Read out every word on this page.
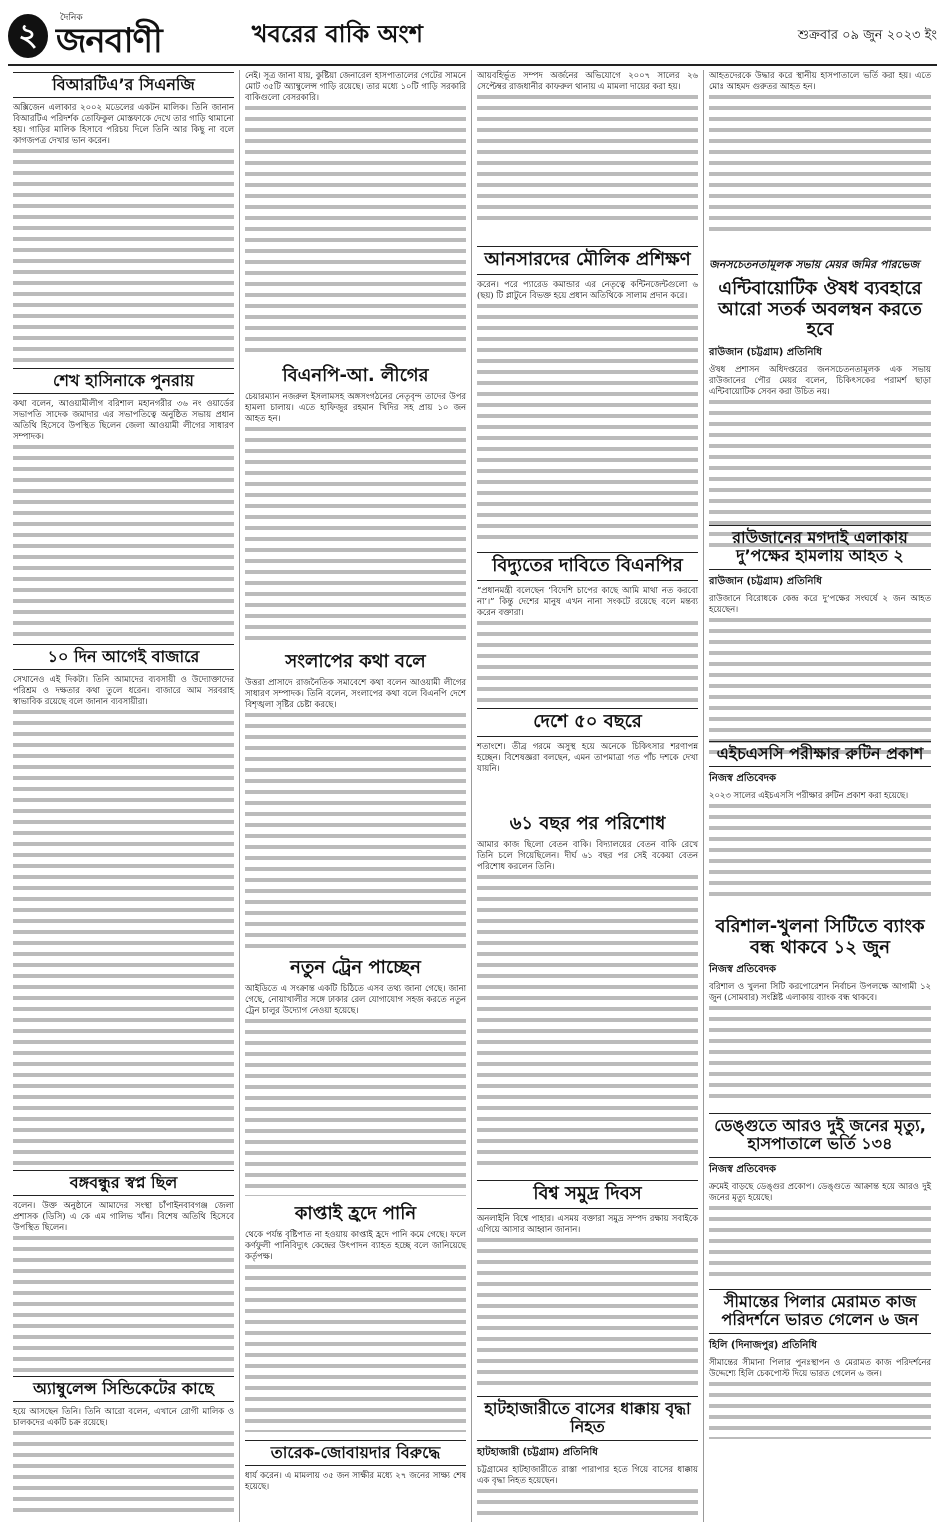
২	দৈনিক
জনবাণী	খবরের বাকি অংশ	শুক্রবার ০৯ জুন ২০২৩ ইং
বিআরটিএ’র সিএনজি
অক্সিজেন এলাকার ২০০২ মডেলের একটন মালিক। তিনি জানান বিআরটিএ পরিদর্শক তোফিকুল মোস্তফাকে দেখে তার গাড়ি থামানো হয়। গাড়ির মালিক হিসাবে পরিচয় দিলে তিনি আর কিছু না বলে কাগজপত্র দেখার ভান করেন।
শেখ হাসিনাকে পুনরায়
কথা বলেন, আওয়ামীলীগ বরিশাল মহানগরীর ৩৬ নং ওয়ার্ডের সভাপতি সাদেক জমাদার এর সভাপতিত্বে অনুষ্ঠিত সভায় প্রধান অতিথি হিসেবে উপস্থিত ছিলেন জেলা আওয়ামী লীগের সাধারণ সম্পাদক।
১০ দিন আগেই বাজারে
সেখানেও এই দিকটা। তিনি আমাদের ব্যবসায়ী ও উদ্যোক্তাদের পরিশ্রম ও দক্ষতার কথা তুলে ধরেন। বাজারে আম সরবরাহ স্বাভাবিক রয়েছে বলে জানান ব্যবসায়ীরা।
বঙ্গবন্ধুর স্বপ্ন ছিল
বলেন। উক্ত অনুষ্ঠানে আমাদের সংস্থা চাঁপাইনবাবগঞ্জ জেলা প্রশাসক (ডিসি) এ কে এম গালিভ খাঁন। বিশেষ অতিথি হিসেবে উপস্থিত ছিলেন।
অ্যাম্বুলেন্স সিন্ডিকেটের কাছে
হয়ে আসছেন তিনি। তিনি আরো বলেন, এখানে রোগী মালিক ও চালকদের একটি চক্র রয়েছে।
নেই। সূত্র জানা যায়, কুষ্টিয়া জেনারেল হাসপাতালের গেটের সামনে মোট ৩৫টি অ্যাম্বুলেন্স গাড়ি রয়েছে। তার মধ্যে ১০টি গাড়ি সরকারি বাকিগুলো বেসরকারি।
বিএনপি-আ. লীগের
চেয়ারম্যান নজরুল ইসলামসহ অঙ্গসংগঠনের নেতৃবৃন্দ তাদের উপর হামলা চালায়। এতে হাফিজুর রহমান খিদির সহ প্রায় ১০ জন আহত হন।
সংলাপের কথা বলে
উত্তরা প্রাসাদে রাজনৈতিক সমাবেশে কথা বলেন আওয়ামী লীগের সাধারণ সম্পাদক। তিনি বলেন, সংলাপের কথা বলে বিএনপি দেশে বিশৃঙ্খলা সৃষ্টির চেষ্টা করছে।
নতুন ট্রেন পাচ্ছেন
আইডিতে এ সংক্রান্ত একটি চিঠিতে এসব তথ্য জানা গেছে। জানা গেছে, নোয়াখালীর সঙ্গে ঢাকার রেল যোগাযোগ সহজ করতে নতুন ট্রেন চালুর উদ্যোগ নেওয়া হয়েছে।
কাপ্তাই হ্রদে পানি
থেকে পর্যন্ত বৃষ্টিপাত না হওয়ায় কাপ্তাই হ্রদে পানি কমে গেছে। ফলে কর্ণফুলী পানিবিদ্যুৎ কেন্দ্রের উৎপাদন ব্যাহত হচ্ছে বলে জানিয়েছে কর্তৃপক্ষ।
তারেক-জোবায়দার বিরুদ্ধে
ধার্য করেন। এ মামলায় ৩৫ জন সাক্ষীর মধ্যে ২৭ জনের সাক্ষ্য শেষ হয়েছে।
আয়বহির্ভূত সম্পদ অর্জনের অভিযোগে ২০০৭ সালের ২৬ সেপ্টেম্বর রাজধানীর কাফরুল থানায় এ মামলা দায়ের করা হয়।
আনসারদের মৌলিক প্রশিক্ষণ
করেন। পরে প্যারেড কমান্ডার এর নেতৃত্বে কন্টিনজেন্টগুলো ৬ (ছয়) টি প্লাটুনে বিভক্ত হয়ে প্রধান অতিথিকে সালাম প্রদান করে।
বিদ্যুতের দাবিতে বিএনপির
“প্রধানমন্ত্রী বলেছেন ‘বিদেশি চাপের কাছে আমি মাথা নত করবো না’।” কিন্তু দেশের মানুষ এখন নানা সংকটে রয়েছে বলে মন্তব্য করেন বক্তারা।
দেশে ৫০ বছরে
শতাংশে। তীব্র গরমে অসুস্থ হয়ে অনেকে চিকিৎসার শরণাপন্ন হচ্ছেন। বিশেষজ্ঞরা বলছেন, এমন তাপমাত্রা গত পাঁচ দশকে দেখা যায়নি।
৬১ বছর পর পরিশোধ
আমার কাজ ছিলো বেতন বাকি। বিদ্যালয়ের বেতন বাকি রেখে তিনি চলে গিয়েছিলেন। দীর্ঘ ৬১ বছর পর সেই বকেয়া বেতন পরিশোধ করলেন তিনি।
বিশ্ব সমুদ্র দিবস
অনলাইনি বিশ্বে পাহার। এসময় বক্তারা সমুদ্র সম্পদ রক্ষায় সবাইকে এগিয়ে আসার আহ্বান জানান।
হাটহাজারীতে বাসের ধাক্কায় বৃদ্ধা নিহত
হাটহাজারী (চট্টগ্রাম) প্রতিনিধি
চট্টগ্রামের হাটহাজারীতে রাস্তা পারাপার হতে গিয়ে বাসের ধাক্কায় এক বৃদ্ধা নিহত হয়েছেন।
আহতদেরকে উদ্ধার করে স্থানীয় হাসপাতালে ভর্তি করা হয়। এতে মোঃ আহমদ গুরুতর আহত হন।
জনসচেতনতামূলক সভায় মেয়র জমির পারভেজ
এন্টিবায়োটিক ঔষধ ব্যবহারে আরো সতর্ক অবলম্বন করতে হবে
রাউজান (চট্টগ্রাম) প্রতিনিধি
ঔষধ প্রশাসন অধিদপ্তরের জনসচেতনতামূলক এক সভায় রাউজানের পৌর মেয়র বলেন, চিকিৎসকের পরামর্শ ছাড়া এন্টিবায়োটিক সেবন করা উচিত নয়।
রাউজানের মগদাই এলাকায় দু’পক্ষের হামলায় আহত ২
রাউজান (চট্টগ্রাম) প্রতিনিধি
রাউজানে বিরোধকে কেন্দ্র করে দু’পক্ষের সংঘর্ষে ২ জন আহত হয়েছেন।
এইচএসসি পরীক্ষার রুটিন প্রকাশ
নিজস্ব প্রতিবেদক
২০২৩ সালের এইচএসসি পরীক্ষার রুটিন প্রকাশ করা হয়েছে।
বরিশাল-খুলনা সিটিতে ব্যাংক বন্ধ থাকবে ১২ জুন
নিজস্ব প্রতিবেদক
বরিশাল ও খুলনা সিটি করপোরেশন নির্বাচন উপলক্ষে আগামী ১২ জুন (সোমবার) সংশ্লিষ্ট এলাকায় ব্যাংক বন্ধ থাকবে।
ডেঙ্গুতে আরও দুই জনের মৃত্যু, হাসপাতালে ভর্তি ১৩৪
নিজস্ব প্রতিবেদক
ক্রমেই বাড়ছে ডেঙ্গুর প্রকোপ। ডেঙ্গুতে আক্রান্ত হয়ে আরও দুই জনের মৃত্যু হয়েছে।
সীমান্তের পিলার মেরামত কাজ পরিদর্শনে ভারত গেলেন ৬ জন
হিলি (দিনাজপুর) প্রতিনিধি
সীমান্তের সীমানা পিলার পুনঃস্থাপন ও মেরামত কাজ পরিদর্শনের উদ্দেশ্যে হিলি চেকপোস্ট দিয়ে ভারত গেলেন ৬ জন।
